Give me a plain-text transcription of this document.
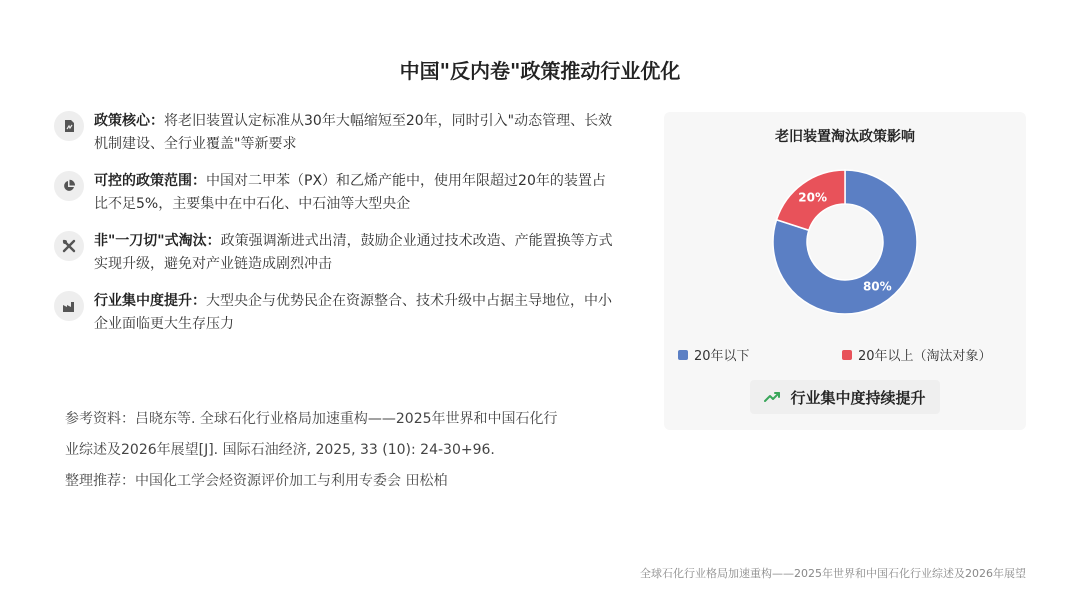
中国"反内卷"政策推动行业优化
政策核心：将老旧装置认定标准从30年大幅缩短至20年，同时引入"动态管理、长效机制建设、全行业覆盖"等新要求
可控的政策范围：中国对二甲苯（PX）和乙烯产能中，使用年限超过20年的装置占比不足5%，主要集中在中石化、中石油等大型央企
非"一刀切"式淘汰：政策强调渐进式出清，鼓励企业通过技术改造、产能置换等方式实现升级，避免对产业链造成剧烈冲击
行业集中度提升：大型央企与优势民企在资源整合、技术升级中占据主导地位，中小企业面临更大生存压力
参考资料：吕晓东等. 全球石化行业格局加速重构——2025年世界和中国石化行
业综述及2026年展望[J]. 国际石油经济, 2025, 33 (10): 24-30+96.
整理推荐：中国化工学会烃资源评价加工与利用专委会 田松柏
老旧装置淘汰政策影响
80%
20%
20年以下	20年以上（淘汰对象）
行业集中度持续提升
全球石化行业格局加速重构——2025年世界和中国石化行业综述及2026年展望
